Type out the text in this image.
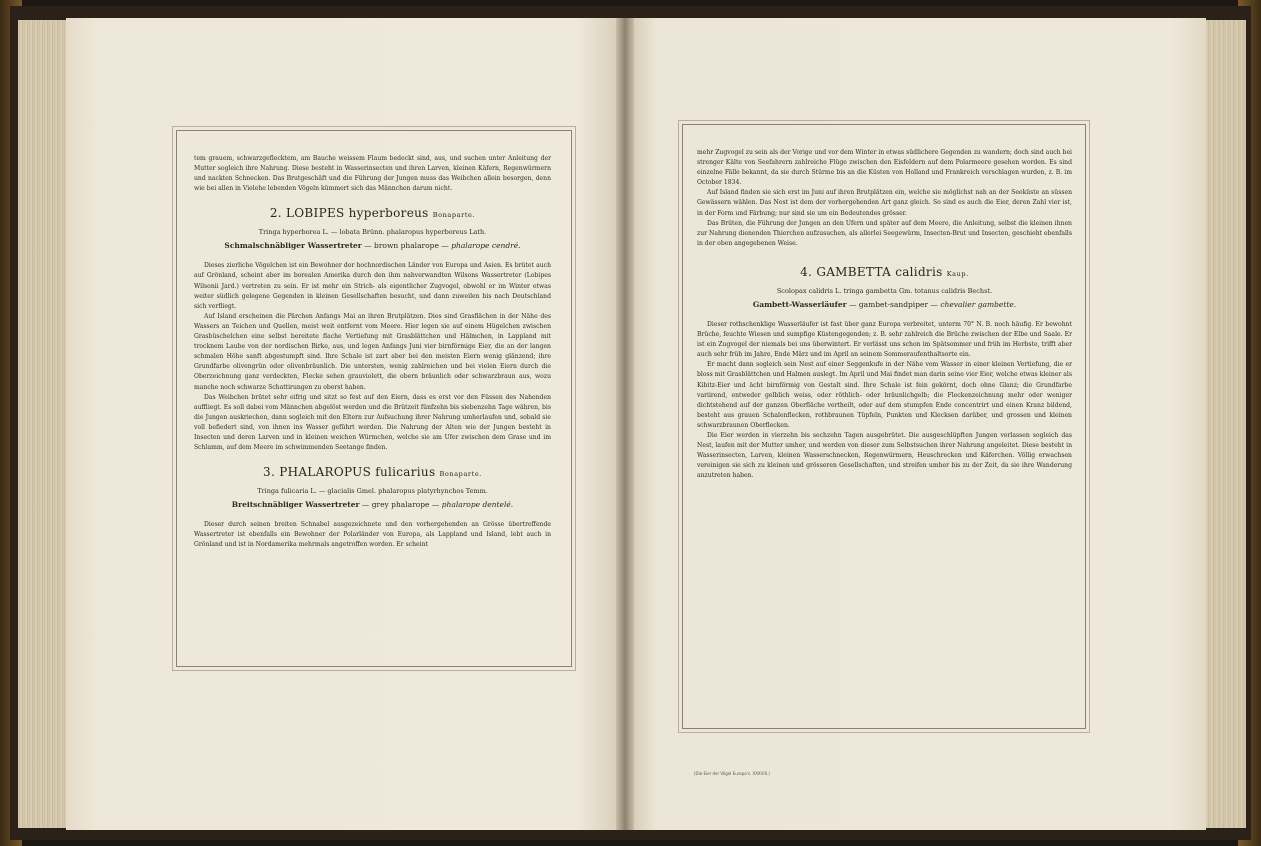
tem grauem, schwarzgeflecktem, am Bauche weissem Flaum bedeckt sind, aus, und suchen unter Anleitung der Mutter sogleich ihre Nahrung. Diese besteht in Wasserinsecten und ihren Larven, kleinen Käfern, Regenwürmern und nackten Schnecken. Das Brutgeschäft und die Führung der Jungen muss das Weibchen allein besorgen, denn wie bei allen in Vielehe lebenden Vögeln kümmert sich das Männchen darum nicht.

2. LOBIPES hyperboreus Bonaparte.
Tringa hyperborea L. — lobata Brünn. phalaropus hyperboreus Lath.
Schmalschnäbliger Wassertreter — brown phalarope — phalarope cendré.

Dieses zierliche Vögelchen ist ein Bewohner der hochnordischen Länder von Europa und Asien. Es brütet auch auf Grönland, scheint aber im borealen Amerika durch den ihm nahverwandten Wilsons Wassertreter (Lobipes Wilsonii Jard.) vertreten zu sein. Er ist mehr ein Strich- als eigentlicher Zugvogel, obwohl er im Winter etwas weiter südlich gelegene Gegenden in kleinen Gesellschaften besucht, und dann zuweilen bis nach Deutschland sich verfliegt.

Auf Island erscheinen die Pärchen Anfangs Mai an ihren Brutplätzen. Dies sind Grasflächen in der Nähe des Wassers an Teichen und Quellen, meist weit entfernt vom Meere. Hier legen sie auf einem Hügelchen zwischen Grasbüschelchen eine selbst bereitete flache Vertiefung mit Grasblättchen und Hälmchen, in Lappland mit trocknem Laube von der nordischen Birke, aus, und legen Anfangs Juni vier birnförmige Eier, die an der langen schmalen Höhe sanft abgestumpft sind. Ihre Schale ist zart aber bei den meisten Eiern wenig glänzend; ihre Grundfarbe olivengrün oder olivenbräunlich. Die untersten, wenig zahlreichen und bei vielen Eiern durch die Oberzeichnung ganz verdeckten, Flecke sehen grauviolett, die obern bräunlich oder schwarzbraun aus, wozu manche noch schwarze Schattirungen zu oberst haben.

Das Weibchen brütet sehr eifrig und sitzt so fest auf den Eiern, dass es erst vor den Füssen des Nahenden auffliegt. Es soll dabei vom Männchen abgelöst werden und die Brützeit fünfzehn bis siebenzehn Tage währen, bis die Jungen auskriechen, dann sogleich mit den Eltern zur Aufsuchung ihrer Nahrung umherlaufen und, sobald sie voll befiedert sind, von ihnen ins Wasser geführt werden. Die Nahrung der Alten wie der Jungen besteht in Insecten und deren Larven und in kleinen weichen Würmchen, welche sie am Ufer zwischen dem Grase und im Schlamm, auf dem Meere im schwimmenden Seetange finden.

3. PHALAROPUS fulicarius Bonaparte.
Tringa fulicaria L. — glacialis Gmel. phalaropus platyrhynchos Temm.
Breitschnäbliger Wassertreter — grey phalarope — phalarope dentelé.

Dieser durch seinen breiten Schnabel ausgezeichnete und den vorhergehenden an Grösse übertreffende Wassertreter ist ebenfalls ein Bewohner der Polarländer von Europa, als Lappland und Island, lebt auch in Grönland und ist in Nordamerika mehrmals angetroffen worden. Er scheint

mehr Zugvogel zu sein als der Vorige und vor dem Winter in etwas südlichere Gegenden zu wandern; doch sind auch bei strenger Kälte von Seefahrern zahlreiche Flüge zwischen den Eisfeldern auf dem Polarmeere gesehen worden. Es sind einzelne Fälle bekannt, da sie durch Stürme bis an die Küsten von Holland und Frankreich verschlagen wurden, z. B. im October 1834.

Auf Island finden sie sich erst im Juni auf ihren Brutplätzen ein, welche sie möglichst nah an der Seeküste an süssen Gewässern wählen. Das Nest ist dem der vorhergehenden Art ganz gleich. So sind es auch die Eier, deren Zahl vier ist, in der Form und Färbung; nur sind sie um ein Bedeutendes grösser.

Das Brüten, die Führung der Jungen an den Ufern und später auf dem Meere, die Anleitung, selbst die kleinen ihnen zur Nahrung dienenden Thierchen aufzusuchen, als allerlei Seegewürm, Insecten-Brut und Insecten, geschieht ebenfalls in der oben angegebenen Weise.

4. GAMBETTA calidris Kaup.
Scolopax calidris L. tringa gambetta Gm. totanus calidris Bechst.
Gambett-Wasserläufer — gambet-sandpiper — chevalier gambette.

Dieser rothschenklige Wasserläufer ist fast über ganz Europa verbreitet, unterm 70° N. B. noch häufig. Er bewohnt Brüche, feuchte Wiesen und sumpfige Küstengegenden; z. B. sehr zahlreich die Brüche zwischen der Elbe und Saale. Er ist ein Zugvogel der niemals bei uns überwintert. Er verlässt uns schon im Spätsommer und früh im Herbste, trifft aber auch sehr früh im Jahre, Ende März und im April an seinem Sommeraufenthaltsorte ein.

Er macht dann sogleich sein Nest auf einer Seggenkufe in der Nähe vom Wasser in einer kleinen Vertiefung, die er bloss mit Grasblättchen und Halmen auslegt. Im April und Mai findet man darin seine vier Eier, welche etwas kleiner als Kibitz-Eier und ächt birnförmig von Gestalt sind. Ihre Schale ist fein gekörnt, doch ohne Glanz; die Grundfarbe variirend, entweder gelblich weiss, oder röthlich- oder bräunlichgelb; die Fleckenzeichnung mehr oder weniger dichtstehend auf der ganzen Oberfläche vertheilt, oder auf dem stumpfen Ende concentrirt und einen Kranz bildend, besteht aus grauen Schalenflecken, rothbraunen Tüpfeln, Punkten und Klecksen darüber, und grossen und kleinen schwarzbraunen Oberflecken.

Die Eier werden in vierzehn bis sechzehn Tagen ausgebrütet. Die ausgeschlüpften Jungen verlassen sogleich das Nest, laufen mit der Mutter umher, und werden von dieser zum Selbstsuchen ihrer Nahrung angeleitet. Diese besteht in Wasserinsecten, Larven, kleinen Wasserschnecken, Regenwürmern, Heuschrecken und Käferchen. Völlig erwachsen vereinigen sie sich zu kleinen und grösseren Gesellschaften, und streifen umher bis zu der Zeit, da sie ihre Wanderung anzutreten haben.

(Die Eier der Vögel Europa's. XXXVIII.)
